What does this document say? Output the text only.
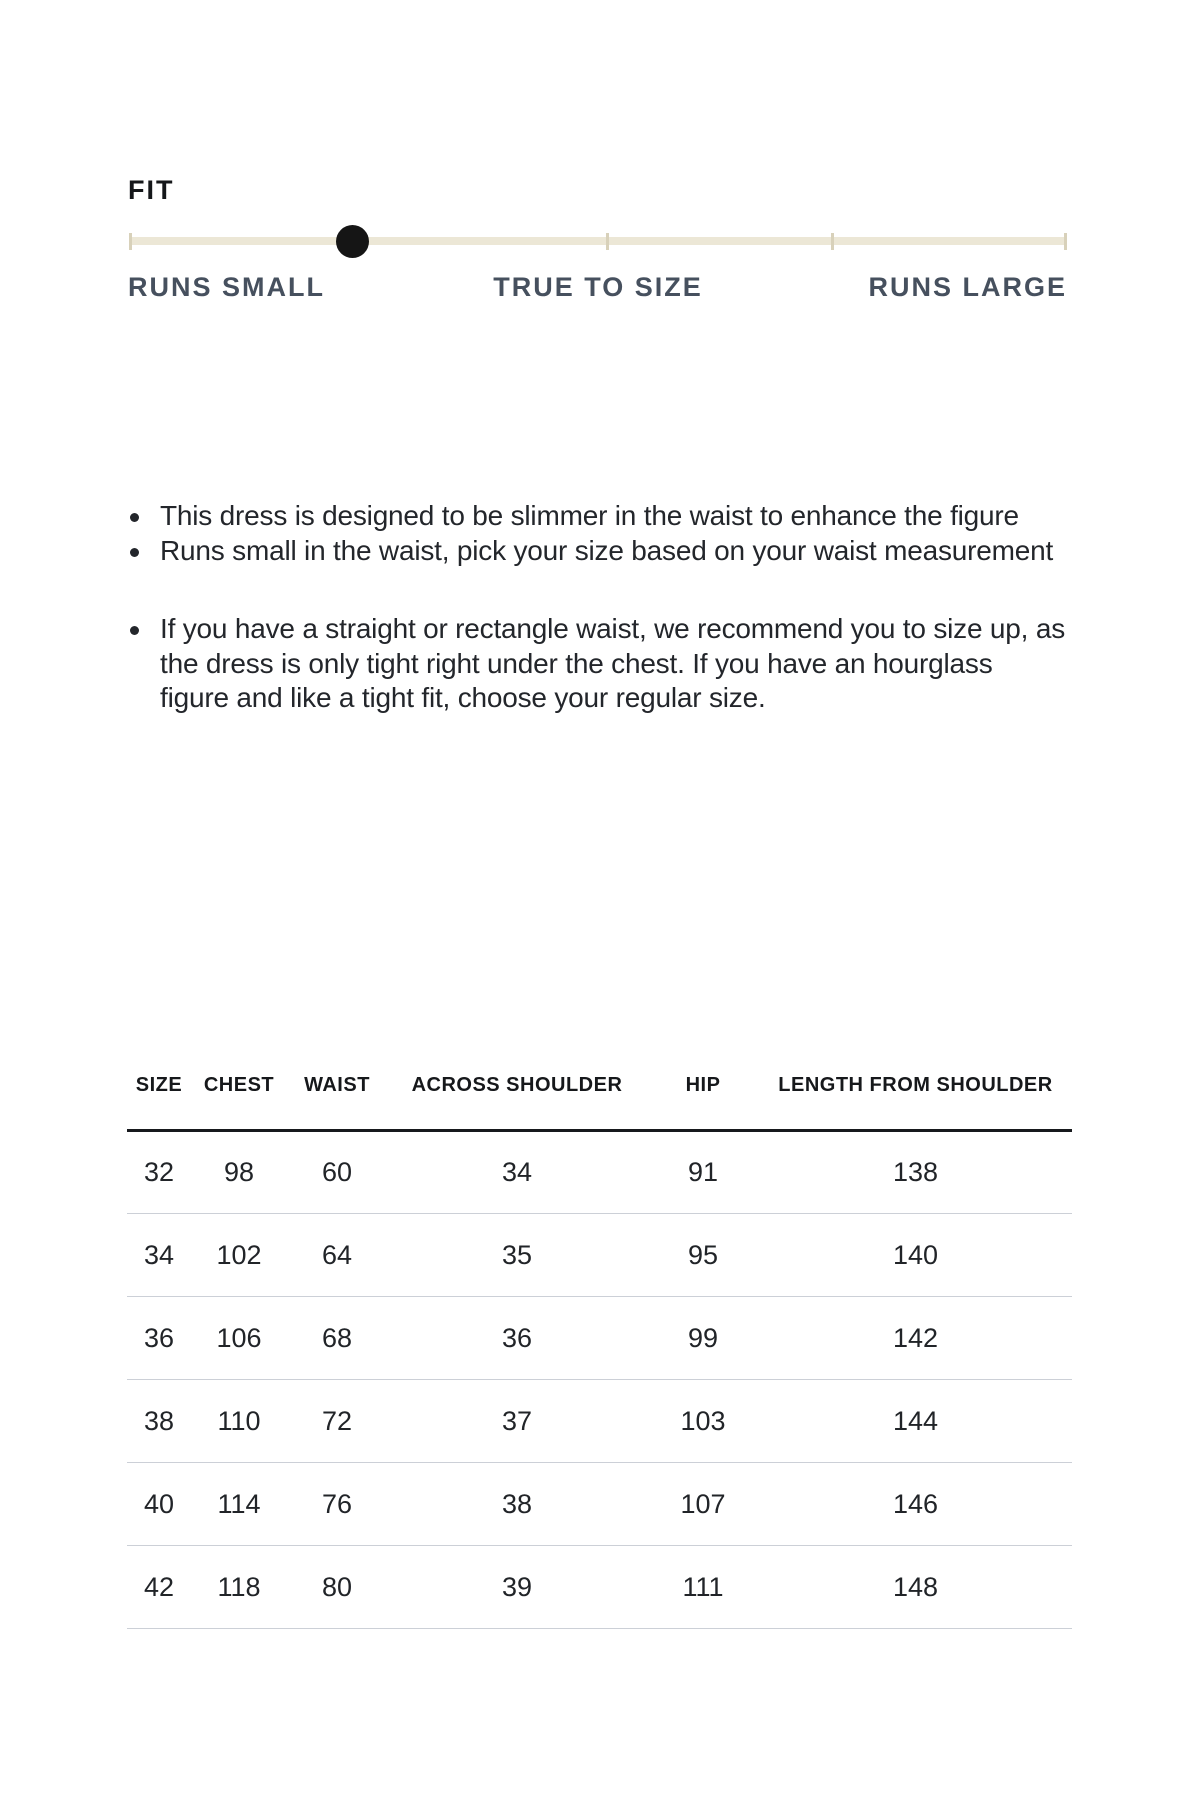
FIT
RUNS SMALL	TRUE TO SIZE	RUNS LARGE
This dress is designed to be slimmer in the waist to enhance the figure
Runs small in the waist, pick your size based on your waist measurement
If you have a straight or rectangle waist, we recommend you to size up, as the dress is only tight right under the chest. If you have an hourglass figure and like a tight fit, choose your regular size.
SIZE	CHEST	WAIST	ACROSS SHOULDER	HIP	LENGTH FROM SHOULDER
32	98	60	34	91	138
34	102	64	35	95	140
36	106	68	36	99	142
38	110	72	37	103	144
40	114	76	38	107	146
42	118	80	39	111	148
